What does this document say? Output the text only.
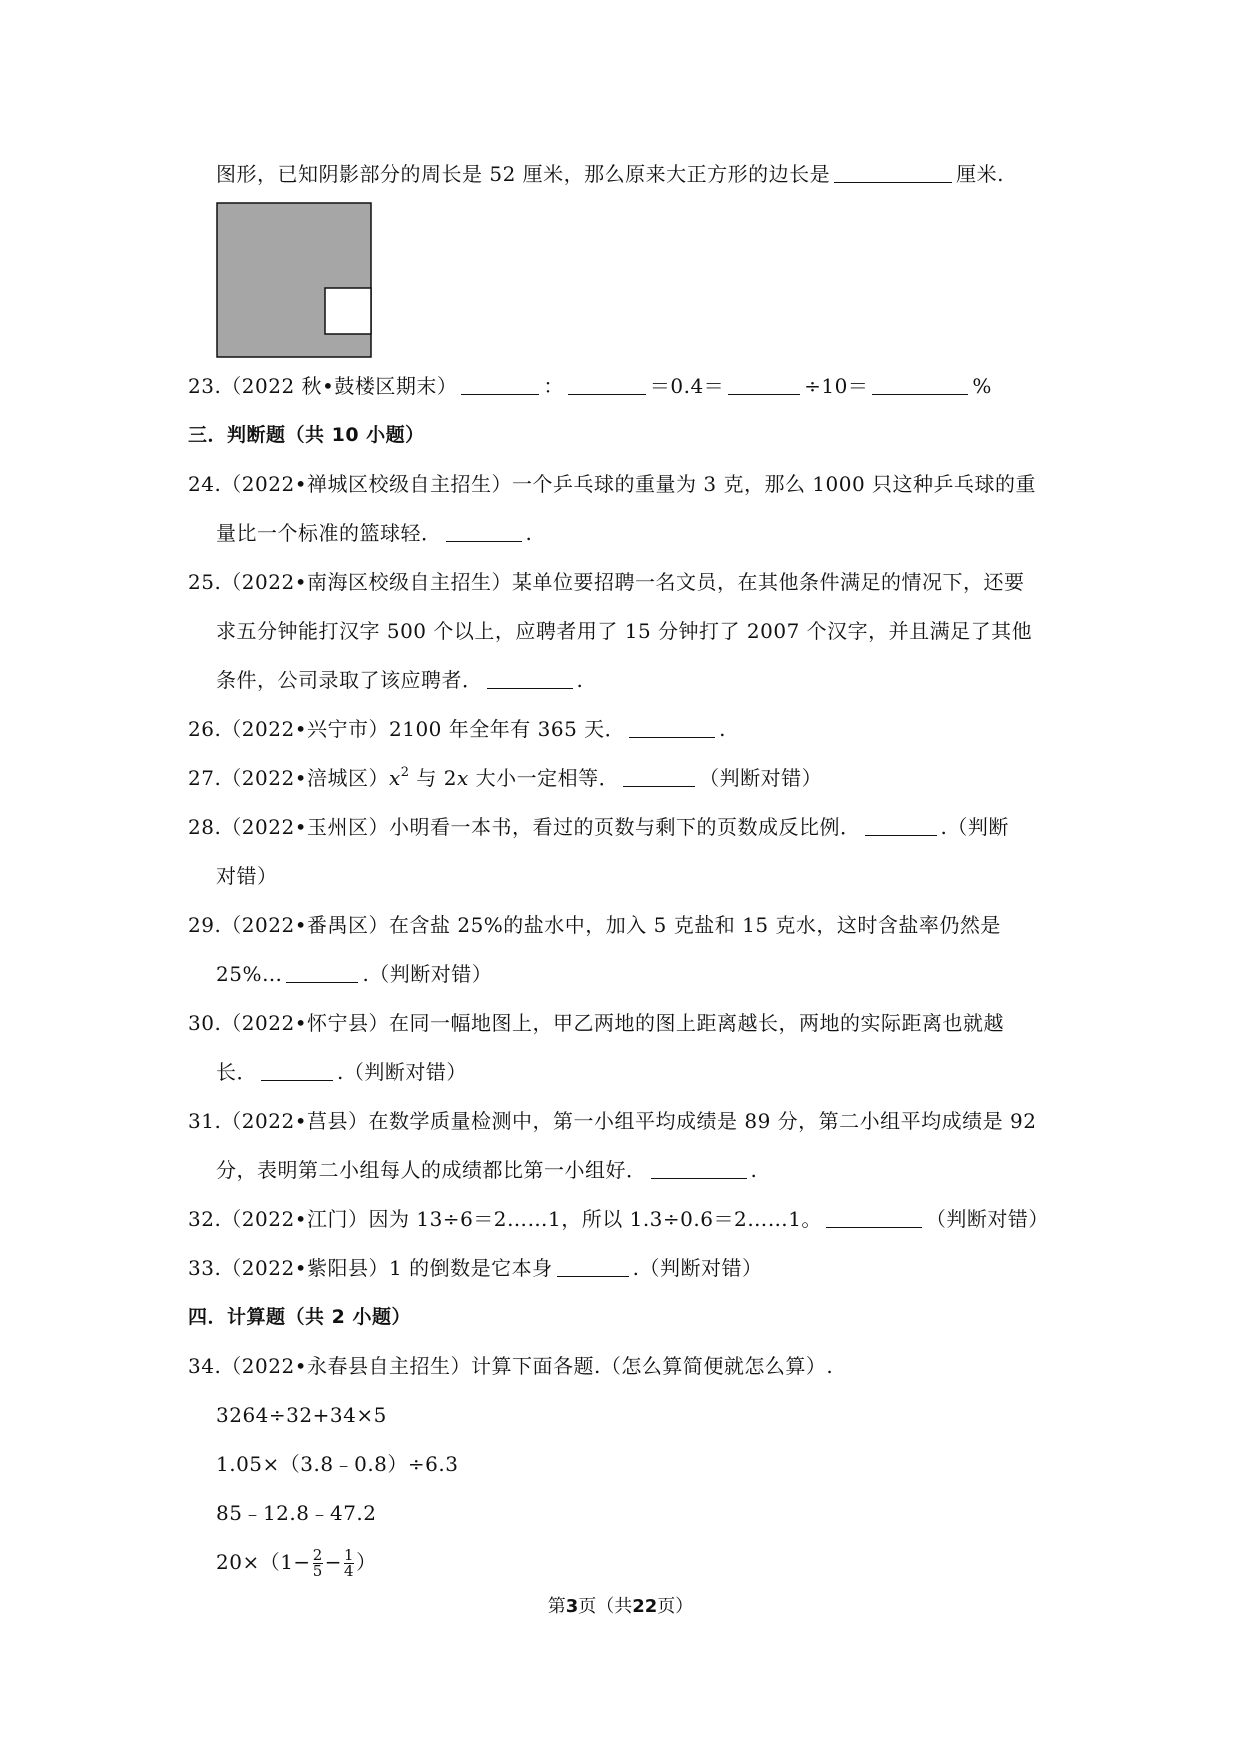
图形，已知阴影部分的周长是 52 厘米，那么原来大正方形的边长是	厘米.
23.（2022 秋•鼓楼区期末）	：	＝0.4＝	÷10＝	%
三．判断题（共 10 小题）
24.（2022•禅城区校级自主招生）一个乒乓球的重量为 3 克，那么 1000 只这种乒乓球的重
量比一个标准的篮球轻．	.
25.（2022•南海区校级自主招生）某单位要招聘一名文员，在其他条件满足的情况下，还要
求五分钟能打汉字 500 个以上，应聘者用了 15 分钟打了 2007 个汉字，并且满足了其他
条件，公司录取了该应聘者．	.
26.（2022•兴宁市）2100 年全年有 365 天．	.
27.（2022•涪城区）$x^2$ 与 2x 大小一定相等．	（判断对错）
28.（2022•玉州区）小明看一本书，看过的页数与剩下的页数成反比例．	.（判断
对错）
29.（2022•番禺区）在含盐 25%的盐水中，加入 5 克盐和 15 克水，这时含盐率仍然是
25%…	.（判断对错）
30.（2022•怀宁县）在同一幅地图上，甲乙两地的图上距离越长，两地的实际距离也就越
长．	.（判断对错）
31.（2022•莒县）在数学质量检测中，第一小组平均成绩是 89 分，第二小组平均成绩是 92
分，表明第二小组每人的成绩都比第一小组好．	.
32.（2022•江门）因为 13÷6＝2……1，所以 1.3÷0.6＝2……1。	（判断对错）
33.（2022•紫阳县）1 的倒数是它本身	.（判断对错）
四．计算题（共 2 小题）
34.（2022•永春县自主招生）计算下面各题.（怎么算简便就怎么算）.
3264÷32+34×5
1.05×（3.8﹣0.8）÷6.3
85﹣12.8﹣47.2
$20\times(1- \frac{2}{5} - \frac{1}{4}$ ）
第3页（共22页）
